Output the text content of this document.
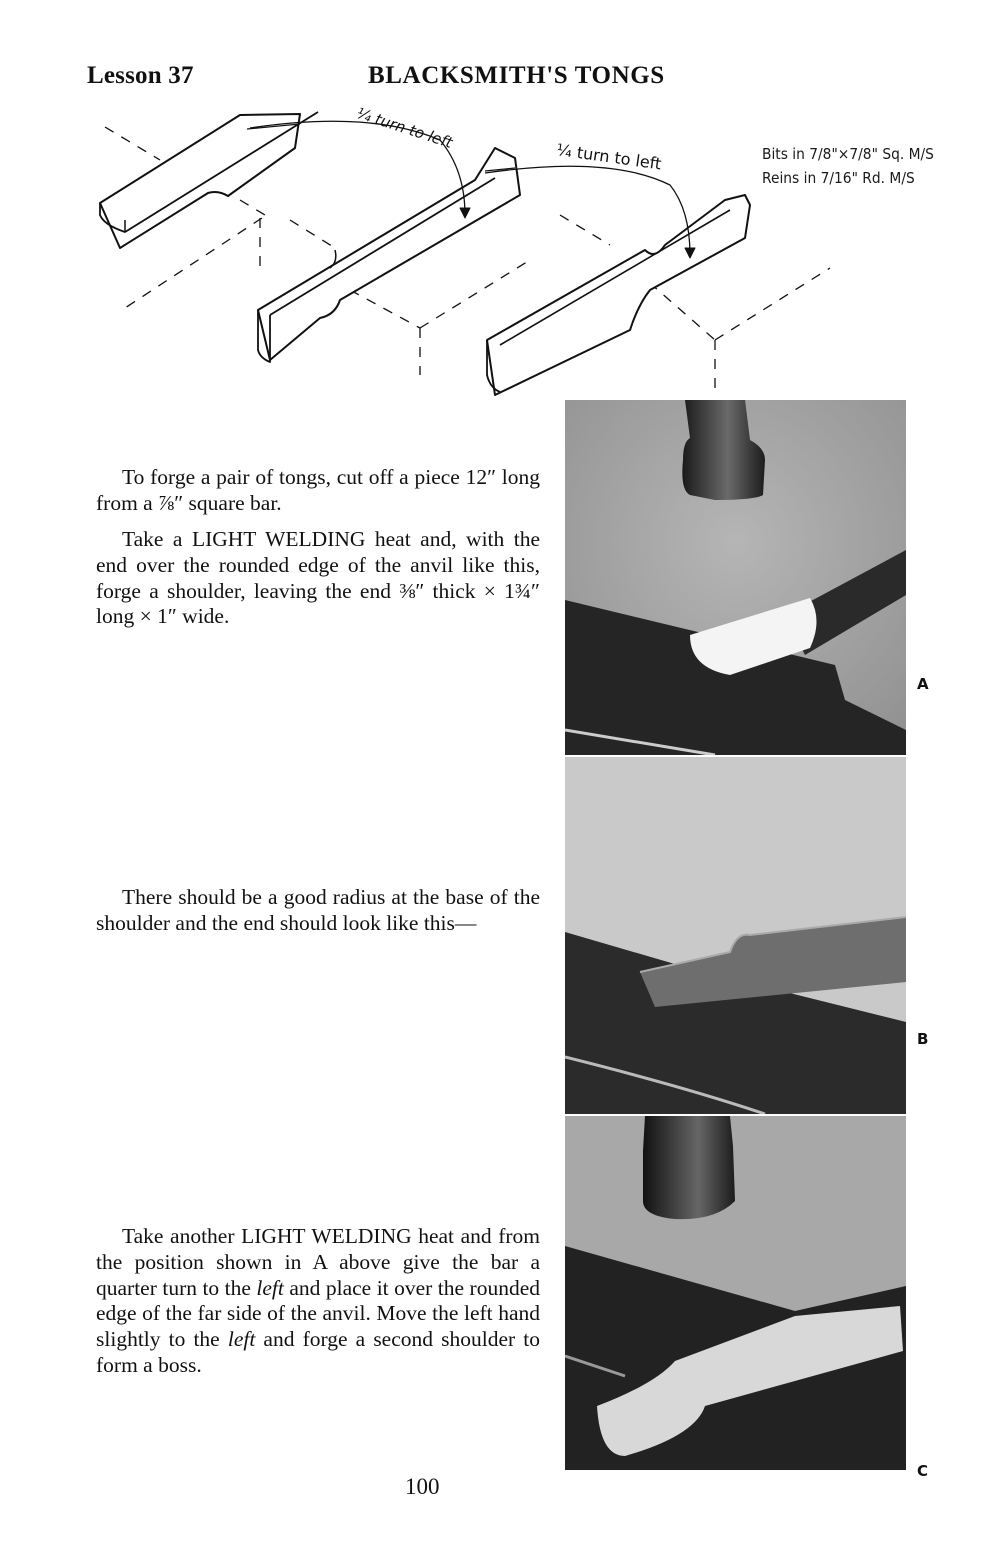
Lesson 37	BLACKSMITH'S TONGS
¼ turn to left
¼ turn to left	Bits in 7/8"×7/8" Sq. M/S
Reins in 7/16" Rd. M/S

To forge a pair of tongs, cut off a piece 12″ long from a ⅞″ square bar.

Take a LIGHT WELDING heat and, with the end over the rounded edge of the anvil like this, forge a shoulder, leaving the end ⅜″ thick × 1¾″ long × 1″ wide.

There should be a good radius at the base of the shoulder and the end should look like this—

Take another LIGHT WELDING heat and from the position shown in A above give the bar a quarter turn to the left and place it over the rounded edge of the far side of the anvil. Move the left hand slightly to the left and forge a second shoulder to form a boss.

A
B
C
100
